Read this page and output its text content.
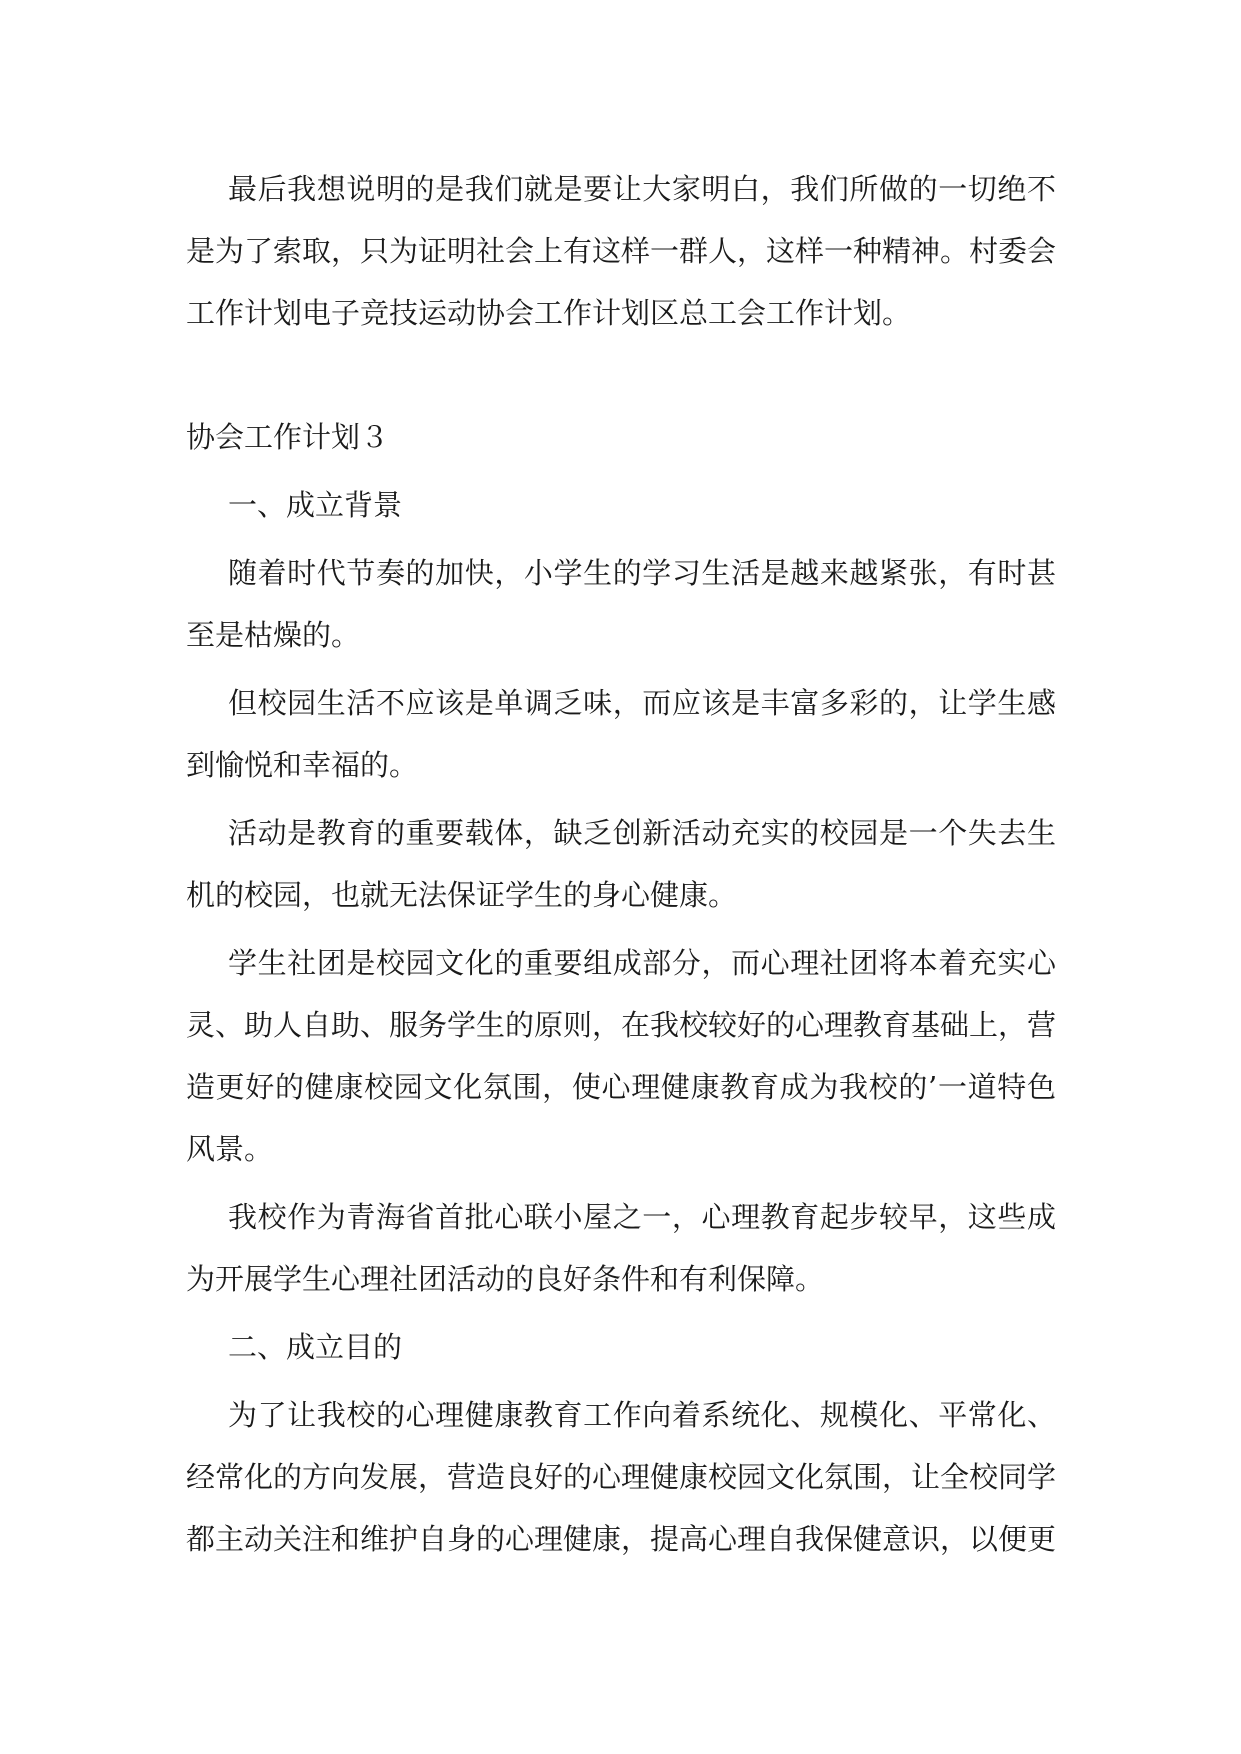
最后我想说明的是我们就是要让大家明白，我们所做的一切绝不是为了索取，只为证明社会上有这样一群人，这样一种精神。村委会工作计划电子竞技运动协会工作计划区总工会工作计划。

协会工作计划３

一、成立背景

随着时代节奏的加快，小学生的学习生活是越来越紧张，有时甚至是枯燥的。

但校园生活不应该是单调乏味，而应该是丰富多彩的，让学生感到愉悦和幸福的。

活动是教育的重要载体，缺乏创新活动充实的校园是一个失去生机的校园，也就无法保证学生的身心健康。

学生社团是校园文化的重要组成部分，而心理社团将本着充实心灵、助人自助、服务学生的原则，在我校较好的心理教育基础上，营造更好的健康校园文化氛围，使心理健康教育成为我校的’一道特色风景。

我校作为青海省首批心联小屋之一，心理教育起步较早，这些成为开展学生心理社团活动的良好条件和有利保障。

二、成立目的

为了让我校的心理健康教育工作向着系统化、规模化、平常化、经常化的方向发展，营造良好的心理健康校园文化氛围，让全校同学都主动关注和维护自身的心理健康，提高心理自我保健意识，以便更
